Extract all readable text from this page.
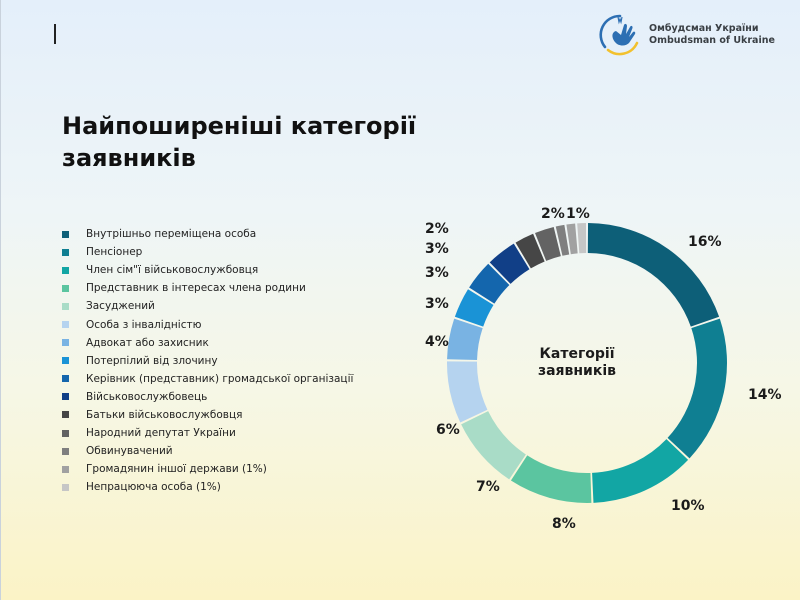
Омбудсман України
Ombudsman of Ukraine
Найпоширеніші категорії заявників
Внутрішньо переміщена особа
Пенсіонер
Член сім"ї військовослужбовця
Представник в інтересах члена родини
Засуджений
Особа з інвалідністю
Адвокат або захисник
Потерпілий від злочину
Керівник (представник) громадської організації
Військовослужбовець
Батьки військовослужбовця
Народний депутат України
Обвинувачений
Громадянин іншої держави (1%)
Непрацююча особа (1%)
16%
14%
10%
8%
7%
6%
4%
3%
3%
3%
2%
2% 1%
Категорії
заявників
